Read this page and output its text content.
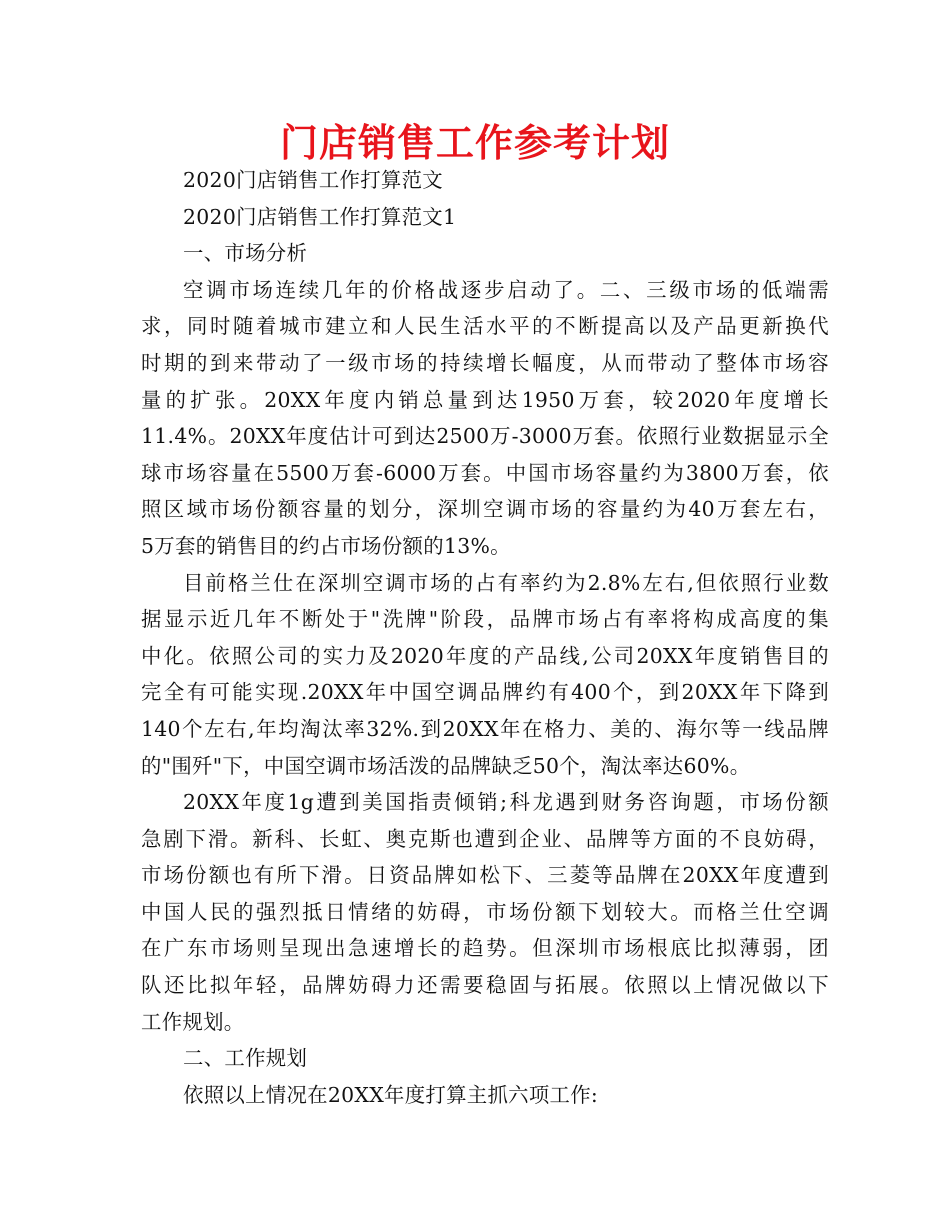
门店销售工作参考计划

2020门店销售工作打算范文

2020门店销售工作打算范文1

一、市场分析

空调市场连续几年的价格战逐步启动了。二、三级市场的低端需

求，同时随着城市建立和人民生活水平的不断提高以及产品更新换代

时期的到来带动了一级市场的持续增长幅度，从而带动了整体市场容

量的扩张。20XX年度内销总量到达1950万套，较2020年度增长

11.4%。20XX年度估计可到达2500万-3000万套。依照行业数据显示全

球市场容量在5500万套-6000万套。中国市场容量约为3800万套，依

照区域市场份额容量的划分，深圳空调市场的容量约为40万套左右，

5万套的销售目的约占市场份额的13%。

目前格兰仕在深圳空调市场的占有率约为2.8%左右,但依照行业数

据显示近几年不断处于"洗牌"阶段，品牌市场占有率将构成高度的集

中化。依照公司的实力及2020年度的产品线,公司20XX年度销售目的

完全有可能实现.20XX年中国空调品牌约有400个，到20XX年下降到

140个左右,年均淘汰率32%.到20XX年在格力、美的、海尔等一线品牌

的"围歼"下，中国空调市场活泼的品牌缺乏50个，淘汰率达60%。

20XX年度1g遭到美国指责倾销;科龙遇到财务咨询题，市场份额

急剧下滑。新科、长虹、奥克斯也遭到企业、品牌等方面的不良妨碍，

市场份额也有所下滑。日资品牌如松下、三菱等品牌在20XX年度遭到

中国人民的强烈抵日情绪的妨碍，市场份额下划较大。而格兰仕空调

在广东市场则呈现出急速增长的趋势。但深圳市场根底比拟薄弱，团

队还比拟年轻，品牌妨碍力还需要稳固与拓展。依照以上情况做以下

工作规划。

二、工作规划

依照以上情况在20XX年度打算主抓六项工作:
